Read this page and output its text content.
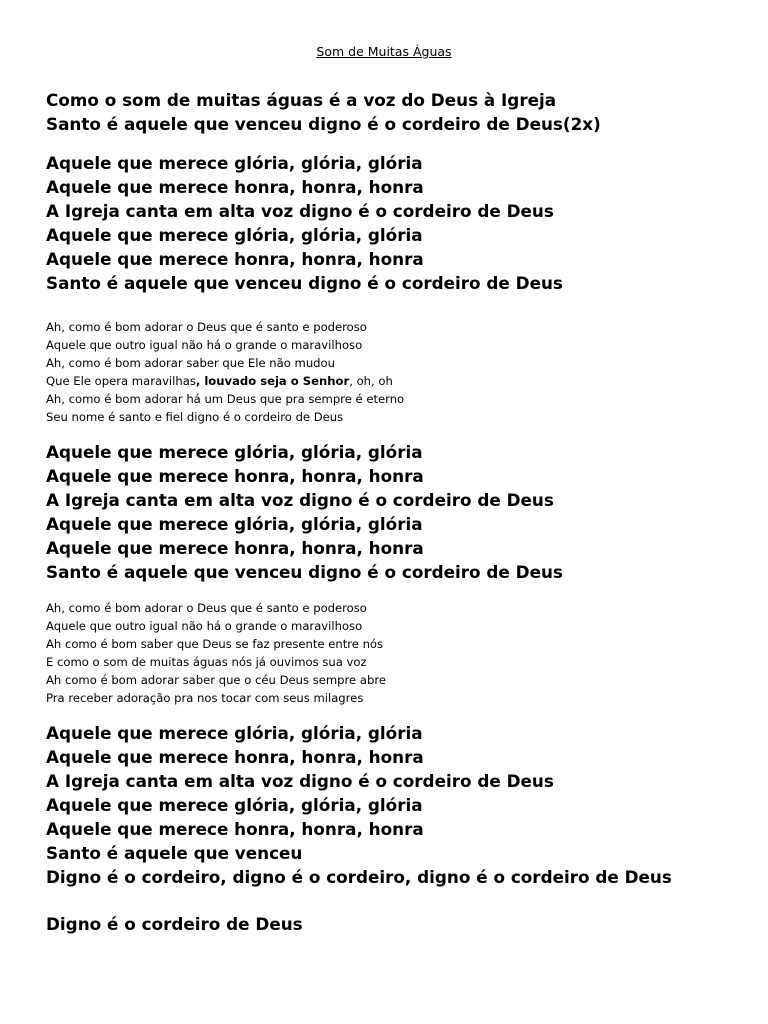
Som de Muitas Águas
Como o som de muitas águas é a voz do Deus à Igreja
Santo é aquele que venceu digno é o cordeiro de Deus(2x)
Aquele que merece glória, glória, glória
Aquele que merece honra, honra, honra
A Igreja canta em alta voz digno é o cordeiro de Deus
Aquele que merece glória, glória, glória
Aquele que merece honra, honra, honra
Santo é aquele que venceu digno é o cordeiro de Deus
Ah, como é bom adorar o Deus que é santo e poderoso
Aquele que outro igual não há o grande o maravilhoso
Ah, como é bom adorar saber que Ele não mudou
Que Ele opera maravilhas, louvado seja o Senhor, oh, oh
Ah, como é bom adorar há um Deus que pra sempre é eterno
Seu nome é santo e fiel digno é o cordeiro de Deus
Aquele que merece glória, glória, glória
Aquele que merece honra, honra, honra
A Igreja canta em alta voz digno é o cordeiro de Deus
Aquele que merece glória, glória, glória
Aquele que merece honra, honra, honra
Santo é aquele que venceu digno é o cordeiro de Deus
Ah, como é bom adorar o Deus que é santo e poderoso
Aquele que outro igual não há o grande o maravilhoso
Ah como é bom saber que Deus se faz presente entre nós
E como o som de muitas águas nós já ouvimos sua voz
Ah como é bom adorar saber que o céu Deus sempre abre
Pra receber adoração pra nos tocar com seus milagres
Aquele que merece glória, glória, glória
Aquele que merece honra, honra, honra
A Igreja canta em alta voz digno é o cordeiro de Deus
Aquele que merece glória, glória, glória
Aquele que merece honra, honra, honra
Santo é aquele que venceu
Digno é o cordeiro, digno é o cordeiro, digno é o cordeiro de Deus
Digno é o cordeiro de Deus
